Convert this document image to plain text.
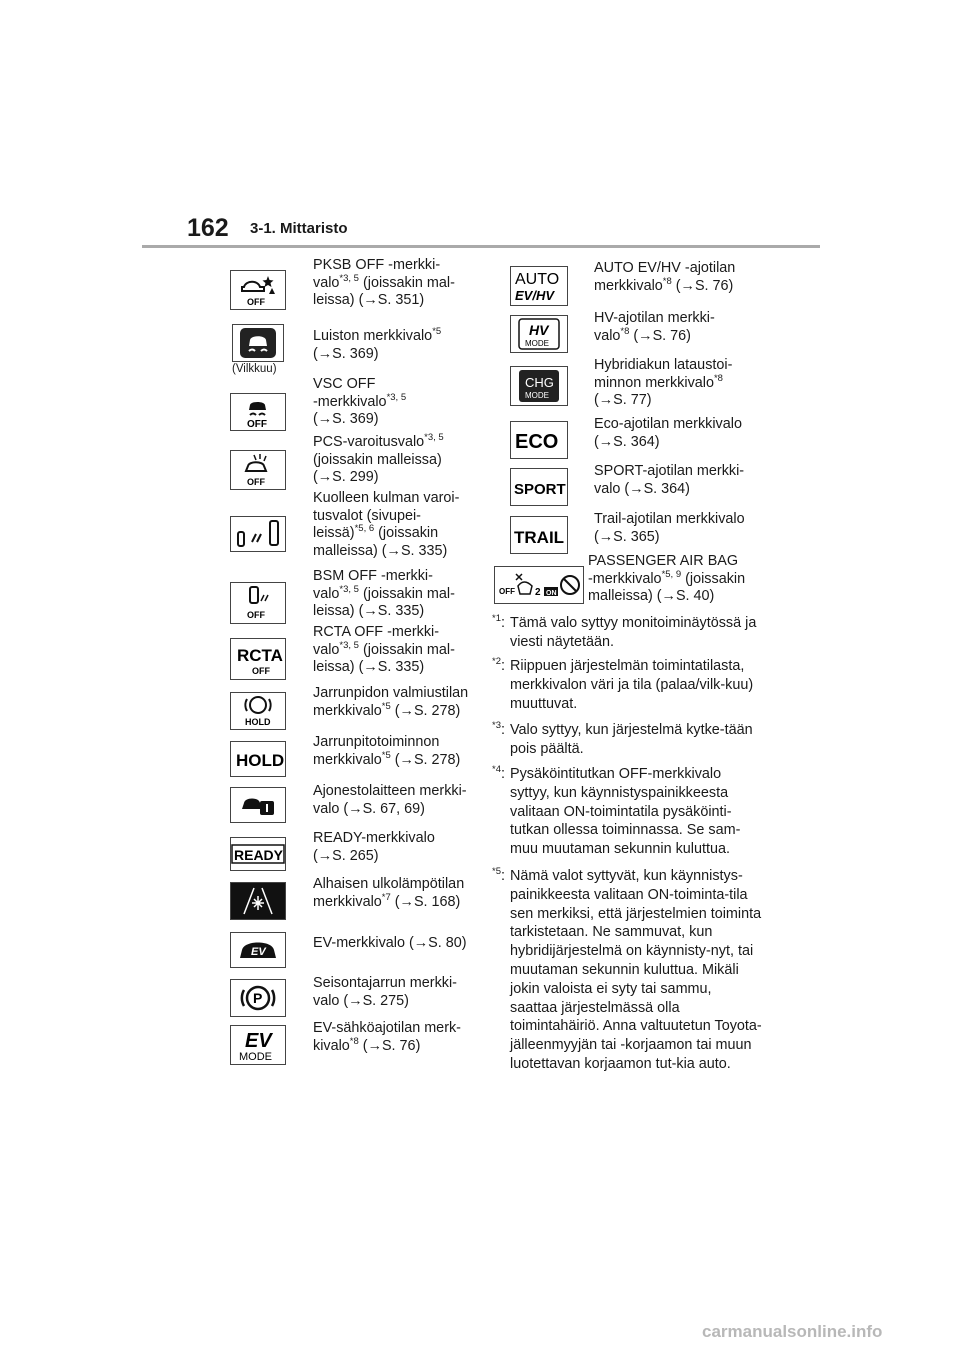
162 3-1. Mittaristo
OFF
PKSB OFF -merkki-
valo$^{*3, 5}$ (joissakin mal-
leissa) (→S. 351)
(Vilkkuu)
Luiston merkkivalo$^{*5}$
(→S. 369)
OFF
VSC OFF
-merkkivalo$^{*3, 5}$
(→S. 369)
OFF
PCS-varoitusvalo$^{*3, 5}$
(joissakin malleissa)
(→S. 299)
Kuolleen kulman varoi-
tusvalot (sivupei-
leissä)$^{*5, 6}$ (joissakin
malleissa) (→S. 335)
OFF
BSM OFF -merkki-
valo$^{*3, 5}$ (joissakin mal-
leissa) (→S. 335)
RCTA
OFF
RCTA OFF -merkki-
valo$^{*3, 5}$ (joissakin mal-
leissa) (→S. 335)
HOLD
Jarrunpidon valmiustilan
merkkivalo$^{*5}$ (→S. 278)
HOLD
Jarrunpitotoiminnon
merkkivalo$^{*5}$ (→S. 278)
Ajonestolaitteen merkki-
valo (→S. 67, 69)
READY
READY-merkkivalo
(→S. 265)
Alhaisen ulkolämpötilan
merkkivalo$^{*7}$ (→S. 168)
EV
EV-merkkivalo (→S. 80)
P
Seisontajarrun merkki-
valo (→S. 275)
EV
MODE
EV-sähköajotilan merk-
kivalo$^{*8}$ (→S. 76)
AUTO
EV/HV
AUTO EV/HV -ajotilan
merkkivalo$^{*8}$ (→S. 76)
HV
MODE
HV-ajotilan merkki-
valo$^{*8}$ (→S. 76)
CHG
MODE
Hybridiakun lataustoi-
minnon merkkivalo$^{*8}$
(→S. 77)
ECO
Eco-ajotilan merkkivalo
(→S. 364)
SPORT
SPORT-ajotilan merkki-
valo (→S. 364)
TRAIL
Trail-ajotilan merkkivalo
(→S. 365)
OFF 2 ON
PASSENGER AIR BAG
-merkkivalo$^{*5, 9}$ (joissakin
malleissa) (→S. 40)
$^{*1}$: Tämä valo syttyy monitoiminäytössä ja viesti näytetään.
$^{*2}$: Riippuen järjestelmän toimintatilasta, merkkivalon väri ja tila (palaa/vilk-kuu) muuttuvat.
$^{*3}$: Valo syttyy, kun järjestelmä kytke-tään pois päältä.
$^{*4}$: Pysäköintitutkan OFF-merkkivalo syttyy, kun käynnistyspainikkeesta valitaan ON-toimintatila pysäköinti-tutkan ollessa toiminnassa. Se sam-muu muutaman sekunnin kuluttua.
$^{*5}$: Nämä valot syttyvät, kun käynnistys-painikkeesta valitaan ON-toiminta-tila sen merkiksi, että järjestelmien toiminta tarkistetaan. Ne sammuvat, kun hybridijärjestelmä on käynnisty-nyt, tai muutaman sekunnin kuluttua. Mikäli jokin valoista ei syty tai sammu, saattaa järjestelmässä olla toimintahäiriö. Anna valtuutetun Toyota-jälleenmyyjän tai -korjaamon tai muun luotettavan korjaamon tut-kia auto.
carmanualsonline.info
